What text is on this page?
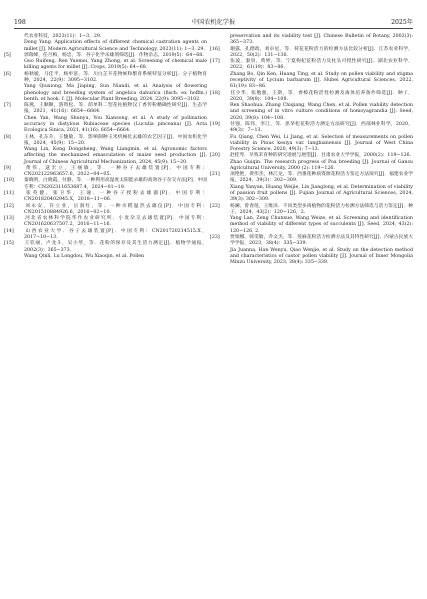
198	中国农机化学报	2025年

代农业科技，2023(11)：1−3，29.

Dong Yang. Application effects of different chemical castration agents on millet [J]. Modern Agricultural Science and Technology, 2023(11): 1−3, 29.

[5]	郭瑞峰，任月梅，杨忠，等．谷子化学杀雄剂筛选[J]．作物杂志，2019(5)：64−68.

Guo Ruifeng, Ren Yuemei, Yang Zhong, et al. Screening of chemical male killing agents for millet [J]. Crops, 2019(5): 64−68.

[6]	杨秋媛，马佳平，杨牟富，等．川白芷开花物候和繁育系统特征分析[J]．分子植物育种，2024，22(9)：3095−3102.

Yang Qiuxiong, Ma Jiaping, Sun Niandi, et al. Analysis of flowering phenology and breeding system of angelica dahurica (fisch. ex hoffm.) benth. et hook. f. [J]. Molecular Plant Breeding, 2024, 22(9): 3095−3102.

[7]	陈燕，王顺顺，游资松，等．荫单科二型花柱植物汉丁香传粉精确性研究[J]．生态学报，2021，41(16)：6654−6664.

Chen Yan, Wang Shunyu, You Xiansong, et al. A study of pollination accuracy in distylous Rubiaceae species (Luculia pinceana) [J]. Acta Ecologica Sinica, 2021, 41(16): 6654−6664.

[8]	王林，孔东升，王馥敏，等．影响制种玉米机械化去雄的农艺因子[J]．中国农机化学报，2024，45(9)：15−20.

Wang Lin, Kong Dongsheng, Wang Liangmin, et al. Agronomic factors affecting the mechanized emasculation of maize seed production [J]. Journal of Chinese Agricultural Mechanization, 2024, 45(9): 15−20.

[9]	黄伟，逯宏立，王丽敏，等．一种谷子去雄装置[P]．中国专利：CN202122963657.6，2022−04−05.

[10] 秦晓明，白晓霞，付静，等．一种利用高湿度太阳能杀雄的高效谷子杂交方法[P]．中国专利：CN202311653687.4，2024−01−19.

[11] 张英健，张卫华，王通．一种谷子授粉去雄器[P]．中国专利：CN201820402945.X，2018−11−06.

[12] 刘永安，许立业，岳润红，等．一种水稻温热去雄仪[P]．中国专利：CN201510884926.6，2016−02−10.

[13] 河北省农林科学院华作农业研究所．小麦杂交去雄装置[P]．中国专利：CN201620637507.2，2016−11−16.

[14] 山西农业大学．谷子去雄装置[P]．中国专利：CN201720214515.X，2017−10−13.

[15] 王钦丽，卢龙斗，吴小琴，等．花粉的保存及其生活力测定[J]．植物学通报，2002(3)：365−373.

Wang Qinli, Lu Longdou, Wu Xiaoqin, et al. Pollen

preservation and its viability test [J]. Chinese Bulletin of Botany, 2002(3): 365−373.

[16] 谢露，孔德政，刘卓星，等．荷花花粉活力的检测方法比较分析[J]．江苏农业科学，2022，50(2)：131−136.

[17] 张波，秦垦，黄婷，等．宁夏枸杞花粉活力及柱头可授性研究[J]．湖北农业科学，2022，61(19)：83−86.

Zhang Bo, Qin Ken, Huang Ting, et al. Study on pollen viability and stigma receptivity of Lycium barbarum [J]. Hubei Agricultural Sciences, 2022, 61(19): 83−86.

[18] 任少华，张勉强，王斯，等．香樟花粉活性检测及离体培养条件筛选[J]．种子，2020，39(8)：104−108.

Ren Shaohua, Zhang Chiqiang, Wang Chen, et al. Pollen viability detection and screening of in vitro culture conditions of homoyagrandia [J]. Seed, 2020, 39(8): 104−108.

[19] 付强，陈伟，李江，等．思茅松花粉活力测定方法研究[J]．西部林业科学，2020，49(3)：7−13.

Fu Qiang, Chen Wei, Li Jiang, et al. Selection of measurements on pollen viability in Pinus kesiya var. langbianensis [J]. Journal of West China Forestry Science, 2020, 49(3): 7−13.

[20] 赵桂琴．早熟禾育种的研究进展与展望[J]．甘肃农业大学学报，2000(2)：119−126.

Zhao Guiqin. The research progress of Poa breeding [J]. Journal of Gansu Agricultural University, 2000 (2): 119−126.

[21] 项艳艳，黄伟杰，林江龙，等．西番莲种质资源花粉活力鉴定方法探究[J]．福建农业学报，2024，39(3)：302−309.

Xiang Yanyan, Huang Weijie, Lin Jianglong, et al. Determination of viability of passion fruit pollens [J]. Fujian Journal of Agricultural Sciences, 2024, 39(3): 302−309.

[22] 杨澜，曾春莲，王维泽．不同类型多肉植物的花粉活力检测方法筛选与活力鉴定[J]．种子，2024，43(2)：120−126，2.

Yang Lan, Zeng Chunxue, Wang Weize, et al. Screening and identification method of viability of different types of succulents [J]. Seed, 2024, 43(2): 120−126, 2.

[23] 贾娟娜，韩雯敏，乔文杰，等．莲麻花粉活力检测方法及其特性研究[J]．内蒙古民族大学学报，2023，38(4)：335−339.

Jia Juanna, Han Wenyu, Qiao Wenjie, et al. Study on the detection method and characteristics of castor pollen viability [J]. Journal of Inner Mongolia Minzu University, 2023, 38(4): 335−339.
